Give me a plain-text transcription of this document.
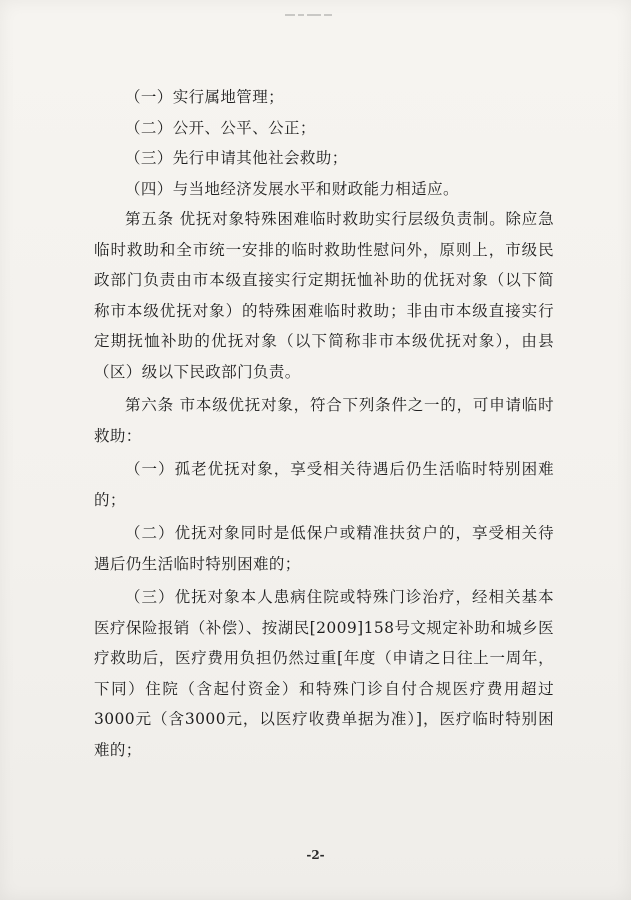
（一）实行属地管理；

（二）公开、公平、公正；

（三）先行申请其他社会救助；

（四）与当地经济发展水平和财政能力相适应。

第五条 优抚对象特殊困难临时救助实行层级负责制。除应急临时救助和全市统一安排的临时救助性慰问外，原则上，市级民政部门负责由市本级直接实行定期抚恤补助的优抚对象（以下简称市本级优抚对象）的特殊困难临时救助；非由市本级直接实行定期抚恤补助的优抚对象（以下简称非市本级优抚对象），由县（区）级以下民政部门负责。

第六条 市本级优抚对象，符合下列条件之一的，可申请临时救助：

（一）孤老优抚对象，享受相关待遇后仍生活临时特别困难的；

（二）优抚对象同时是低保户或精准扶贫户的，享受相关待遇后仍生活临时特别困难的；

（三）优抚对象本人患病住院或特殊门诊治疗，经相关基本医疗保险报销（补偿）、按湖民[2009]158号文规定补助和城乡医疗救助后，医疗费用负担仍然过重[年度（申请之日往上一周年，下同）住院（含起付资金）和特殊门诊自付合规医疗费用超过3000元（含3000元，以医疗收费单据为准）]，医疗临时特别困难的；

-2-
